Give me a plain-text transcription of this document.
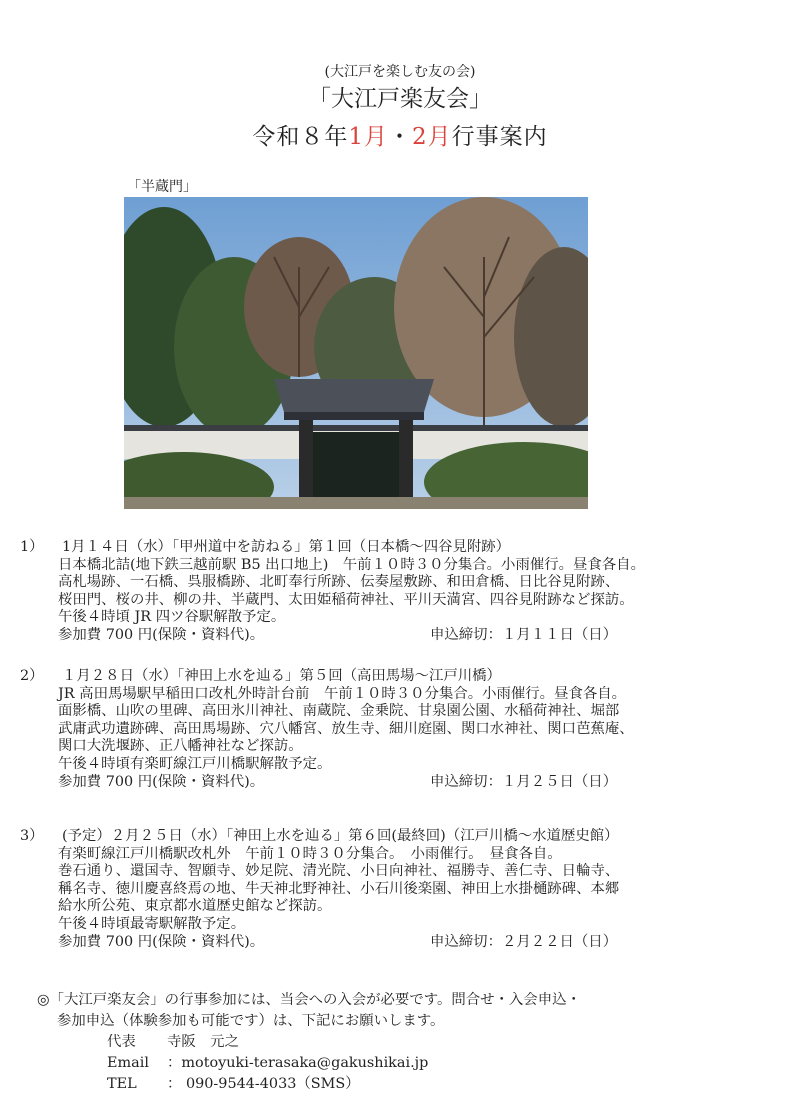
(大江戸を楽しむ友の会)
「大江戸楽友会」
令和８年1月・2月行事案内
「半蔵門」
1） 1月１４日（水）「甲州道中を訪ねる」第１回（日本橋～四谷見附跡）
日本橋北詰(地下鉄三越前駅 B5 出口地上)　午前１０時３０分集合。小雨催行。昼食各自。
高札場跡、一石橋、呉服橋跡、北町奉行所跡、伝奏屋敷跡、和田倉橋、日比谷見附跡、
桜田門、桜の井、柳の井、半蔵門、太田姫稲荷神社、平川天満宮、四谷見附跡など探訪。
午後４時頃 JR 四ツ谷駅解散予定。
参加費 700 円(保険・資料代)。	申込締切：１月１１日（日）
2） １月２８日（水）「神田上水を辿る」第５回（高田馬場～江戸川橋）
JR 高田馬場駅早稲田口改札外時計台前　午前１０時３０分集合。小雨催行。昼食各自。
面影橋、山吹の里碑、高田氷川神社、南蔵院、金乗院、甘泉園公園、水稲荷神社、堀部
武庸武功遺跡碑、高田馬場跡、穴八幡宮、放生寺、細川庭園、関口水神社、関口芭蕉庵、
関口大洗堰跡、正八幡神社など探訪。
午後４時頃有楽町線江戸川橋駅解散予定。
参加費 700 円(保険・資料代)。	申込締切：１月２５日（日）
3） (予定）２月２５日（水）「神田上水を辿る」第６回(最終回)（江戸川橋～水道歴史館）
有楽町線江戸川橋駅改札外　午前１０時３０分集合。　小雨催行。　昼食各自。
巻石通り、還国寺、智願寺、妙足院、清光院、小日向神社、福勝寺、善仁寺、日輪寺、
稱名寺、徳川慶喜終焉の地、牛天神北野神社、小石川後楽園、神田上水掛樋跡碑、本郷
給水所公苑、東京都水道歴史館など探訪。
午後４時頃最寄駅解散予定。
参加費 700 円(保険・資料代)。	申込締切：２月２２日（日）
◎「大江戸楽友会」の行事参加には、当会への入会が必要です。問合せ・入会申込・
参加申込（体験参加も可能です）は、下記にお願いします。
代表 寺阪　元之
Email ：motoyuki-terasaka@gakushikai.jp
TEL ： 090-9544-4033（SMS）
